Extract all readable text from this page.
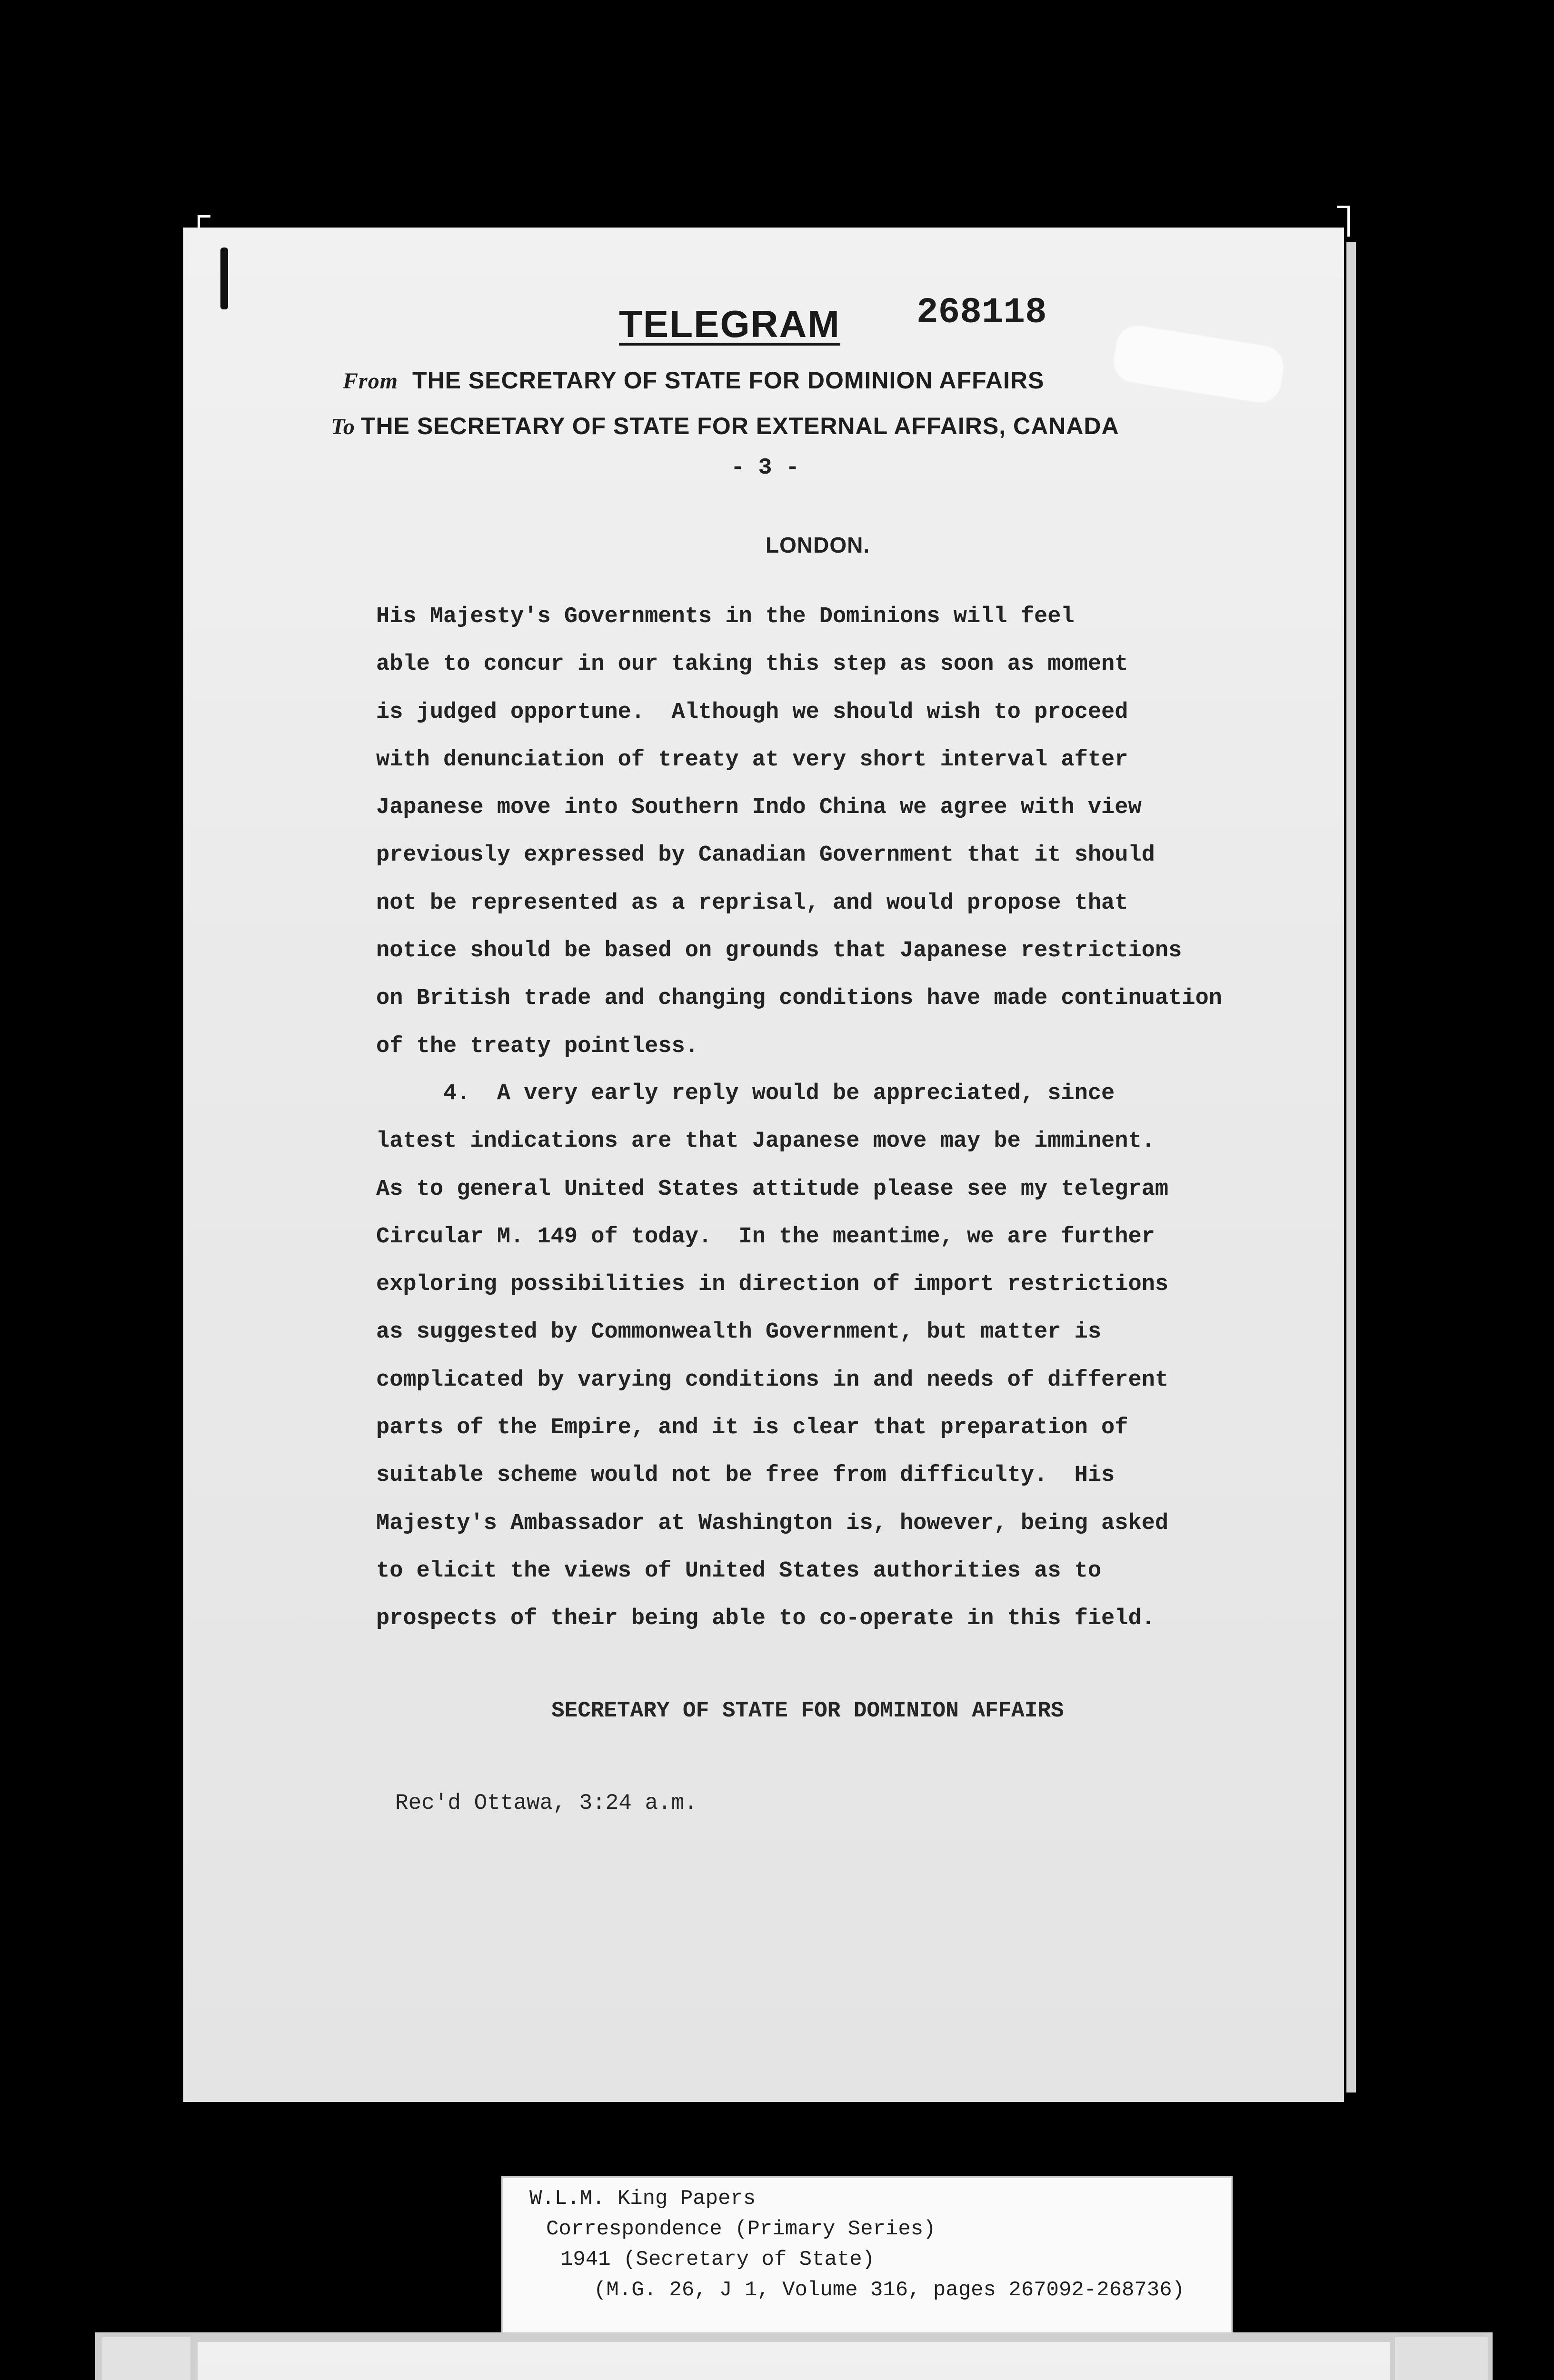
TELEGRAM 268118
From THE SECRETARY OF STATE FOR DOMINION AFFAIRS
To THE SECRETARY OF STATE FOR EXTERNAL AFFAIRS, CANADA
- 3 -
LONDON.

His Majesty's Governments in the Dominions will feel
able to concur in our taking this step as soon as moment
is judged opportune.  Although we should wish to proceed
with denunciation of treaty at very short interval after
Japanese move into Southern Indo China we agree with view
previously expressed by Canadian Government that it should
not be represented as a reprisal, and would propose that
notice should be based on grounds that Japanese restrictions
on British trade and changing conditions have made continuation
of the treaty pointless.

4.  A very early reply would be appreciated, since
latest indications are that Japanese move may be imminent.
As to general United States attitude please see my telegram
Circular M. 149 of today.  In the meantime, we are further
exploring possibilities in direction of import restrictions
as suggested by Commonwealth Government, but matter is
complicated by varying conditions in and needs of different
parts of the Empire, and it is clear that preparation of
suitable scheme would not be free from difficulty.  His
Majesty's Ambassador at Washington is, however, being asked
to elicit the views of United States authorities as to
prospects of their being able to co-operate in this field.

SECRETARY OF STATE FOR DOMINION AFFAIRS

Rec'd Ottawa, 3:24 a.m.

W.L.M. King Papers

Correspondence (Primary Series)

1941 (Secretary of State)

(M.G. 26, J 1, Volume 316, pages 267092-268736)
